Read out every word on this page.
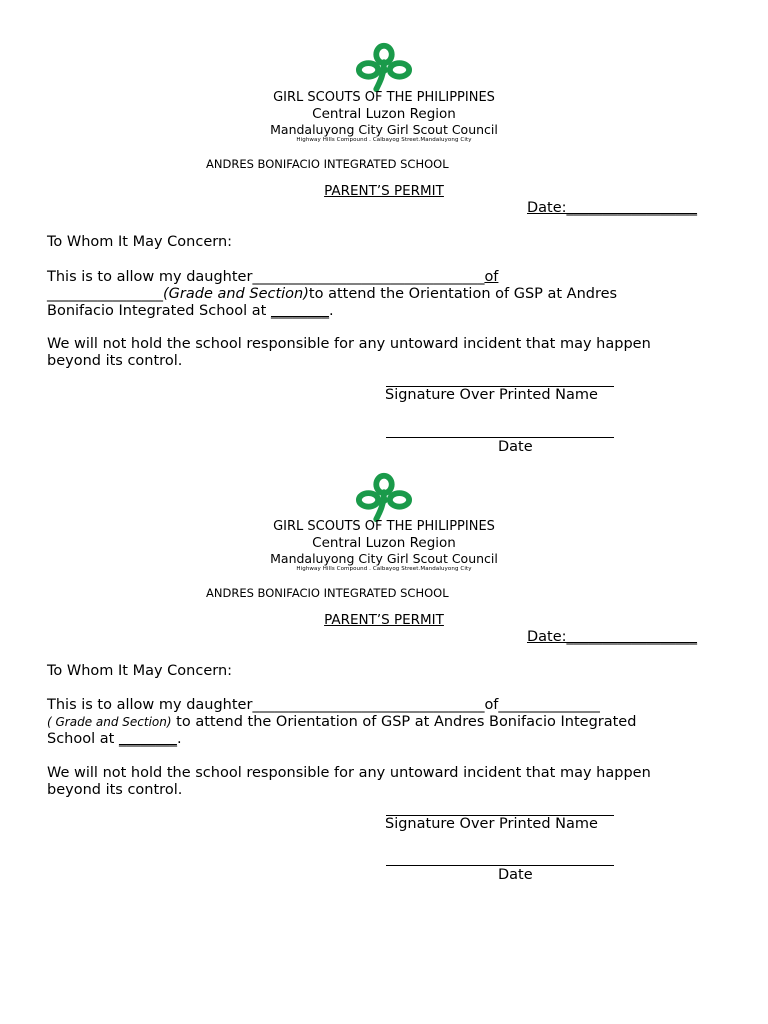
GIRL SCOUTS OF THE PHILIPPINES
Central Luzon Region
Mandaluyong City Girl Scout Council
Highway Hills Compound . Calbayog Street.Mandaluyong City
ANDRES BONIFACIO INTEGRATED SCHOOL
PARENT’S PERMIT
Date:__________________
To Whom It May Concern:
This is to allow my daughter________________________________of
________________(Grade and Section)to attend the Orientation of GSP at Andres
Bonifacio Integrated School at ________.
We will not hold the school responsible for any untoward incident that may happen
beyond its control.
Signature Over Printed Name
Date
GIRL SCOUTS OF THE PHILIPPINES
Central Luzon Region
Mandaluyong City Girl Scout Council
Highway Hills Compound . Calbayog Street.Mandaluyong City
ANDRES BONIFACIO INTEGRATED SCHOOL
PARENT’S PERMIT
Date:__________________
To Whom It May Concern:
This is to allow my daughter________________________________of______________
( Grade and Section) to attend the Orientation of GSP at Andres Bonifacio Integrated
School at ________.
We will not hold the school responsible for any untoward incident that may happen
beyond its control.
Signature Over Printed Name
Date
